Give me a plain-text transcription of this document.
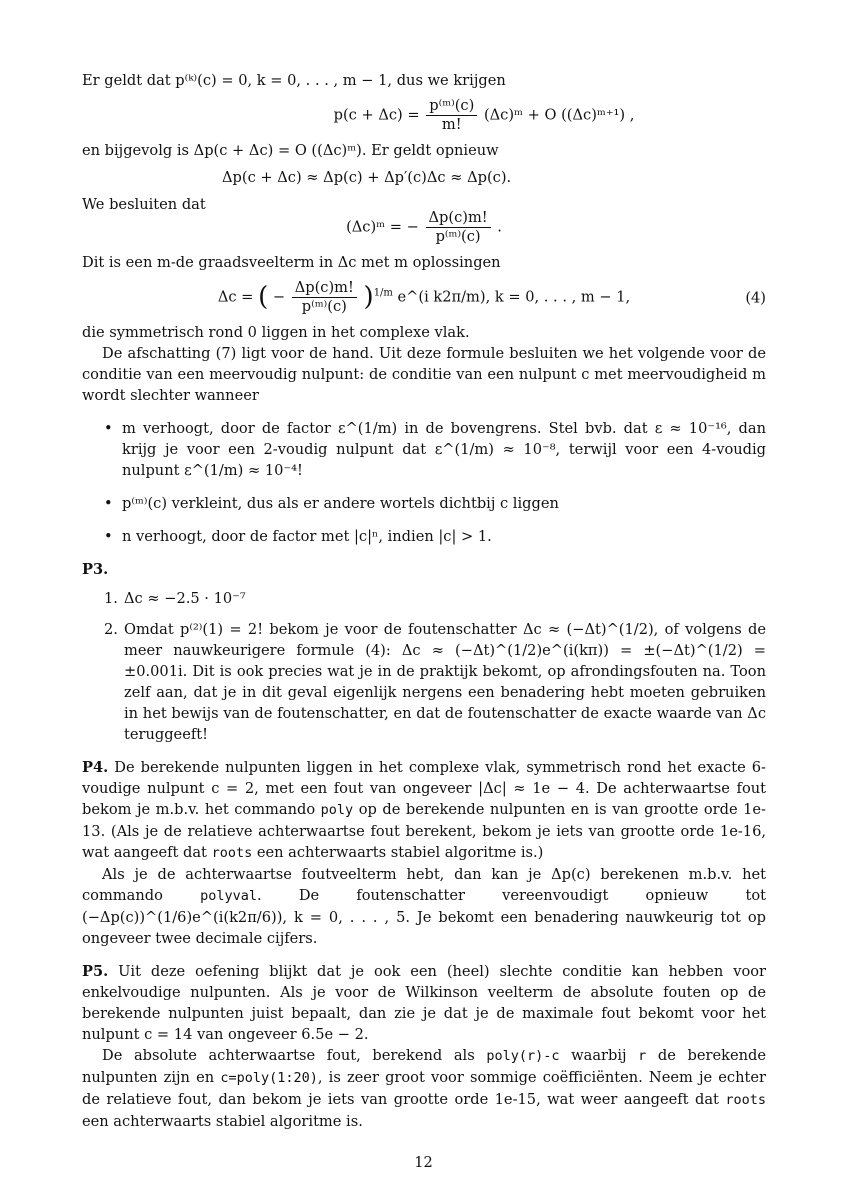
Er geldt dat p⁽ᵏ⁾(c) = 0, k = 0, . . . , m − 1, dus we krijgen

$p(c + \Delta c) = \frac{\text{p⁽ᵐ⁾(c)}}{m!}$ (Δc)ᵐ + O ((Δc)ᵐ⁺¹) ,

en bijgevolg is Δp(c + Δc) = O ((Δc)ᵐ). Er geldt opnieuw

Δp(c + Δc) ≈ Δp(c) + Δp′(c)Δc ≈ Δp(c).

We besluiten dat

(Δc)ᵐ = − $\frac{\Delta p(c)m!}{\text{p⁽ᵐ⁾(c)}}$ .

Dit is een m-de graadsveelterm in Δc met m oplossingen

Δc = ( − $\frac{\Delta p(c)m!}{\text{p⁽ᵐ⁾(c)}} )^{1/m}$ e^(i k2π/m), k = 0, . . . , m − 1,	(4)

die symmetrisch rond 0 liggen in het complexe vlak.

De afschatting (7) ligt voor de hand. Uit deze formule besluiten we het volgende voor de conditie van een meervoudig nulpunt: de conditie van een nulpunt c met meervoudigheid m wordt slechter wanneer

• m verhoogt, door de factor ε^(1/m) in de bovengrens. Stel bvb. dat ε ≈ 10⁻¹⁶, dan krijg je voor een 2-voudig nulpunt dat ε^(1/m) ≈ 10⁻⁸, terwijl voor een 4-voudig nulpunt ε^(1/m) ≈ 10⁻⁴!
• p⁽ᵐ⁾(c) verkleint, dus als er andere wortels dichtbij c liggen
• n verhoogt, door de factor met |c|ⁿ, indien |c| > 1.
P3.
1. Δc ≈ −2.5 · 10⁻⁷
2. Omdat p⁽²⁾(1) = 2! bekom je voor de foutenschatter Δc ≈ (−Δt)^(1/2), of volgens de meer nauwkeurigere formule (4): Δc ≈ (−Δt)^(1/2)e^(i(kπ)) = ±(−Δt)^(1/2) = ±0.001i. Dit is ook precies wat je in de praktijk bekomt, op afrondingsfouten na. Toon zelf aan, dat je in dit geval eigenlijk nergens een benadering hebt moeten gebruiken in het bewijs van de foutenschatter, en dat de foutenschatter de exacte waarde van Δc teruggeeft!

P4. De berekende nulpunten liggen in het complexe vlak, symmetrisch rond het exacte 6-voudige nulpunt c = 2, met een fout van ongeveer |Δc| ≈ 1e − 4. De achterwaartse fout bekom je m.b.v. het commando poly op de berekende nulpunten en is van grootte orde 1e-13. (Als je de relatieve achterwaartse fout berekent, bekom je iets van grootte orde 1e-16, wat aangeeft dat roots een achterwaarts stabiel algoritme is.)

Als je de achterwaartse foutveelterm hebt, dan kan je Δp(c) berekenen m.b.v. het commando polyval. De foutenschatter vereenvoudigt opnieuw tot (−Δp(c))^(1/6)e^(i(k2π/6)), k = 0, . . . , 5. Je bekomt een benadering nauwkeurig tot op ongeveer twee decimale cijfers.

P5. Uit deze oefening blijkt dat je ook een (heel) slechte conditie kan hebben voor enkelvoudige nulpunten. Als je voor de Wilkinson veelterm de absolute fouten op de berekende nulpunten juist bepaalt, dan zie je dat je de maximale fout bekomt voor het nulpunt c = 14 van ongeveer 6.5e − 2.

De absolute achterwaartse fout, berekend als poly(r)-c waarbij r de berekende nulpunten zijn en c=poly(1:20), is zeer groot voor sommige coëfficiënten. Neem je echter de relatieve fout, dan bekom je iets van grootte orde 1e-15, wat weer aangeeft dat roots een achterwaarts stabiel algoritme is.

12
